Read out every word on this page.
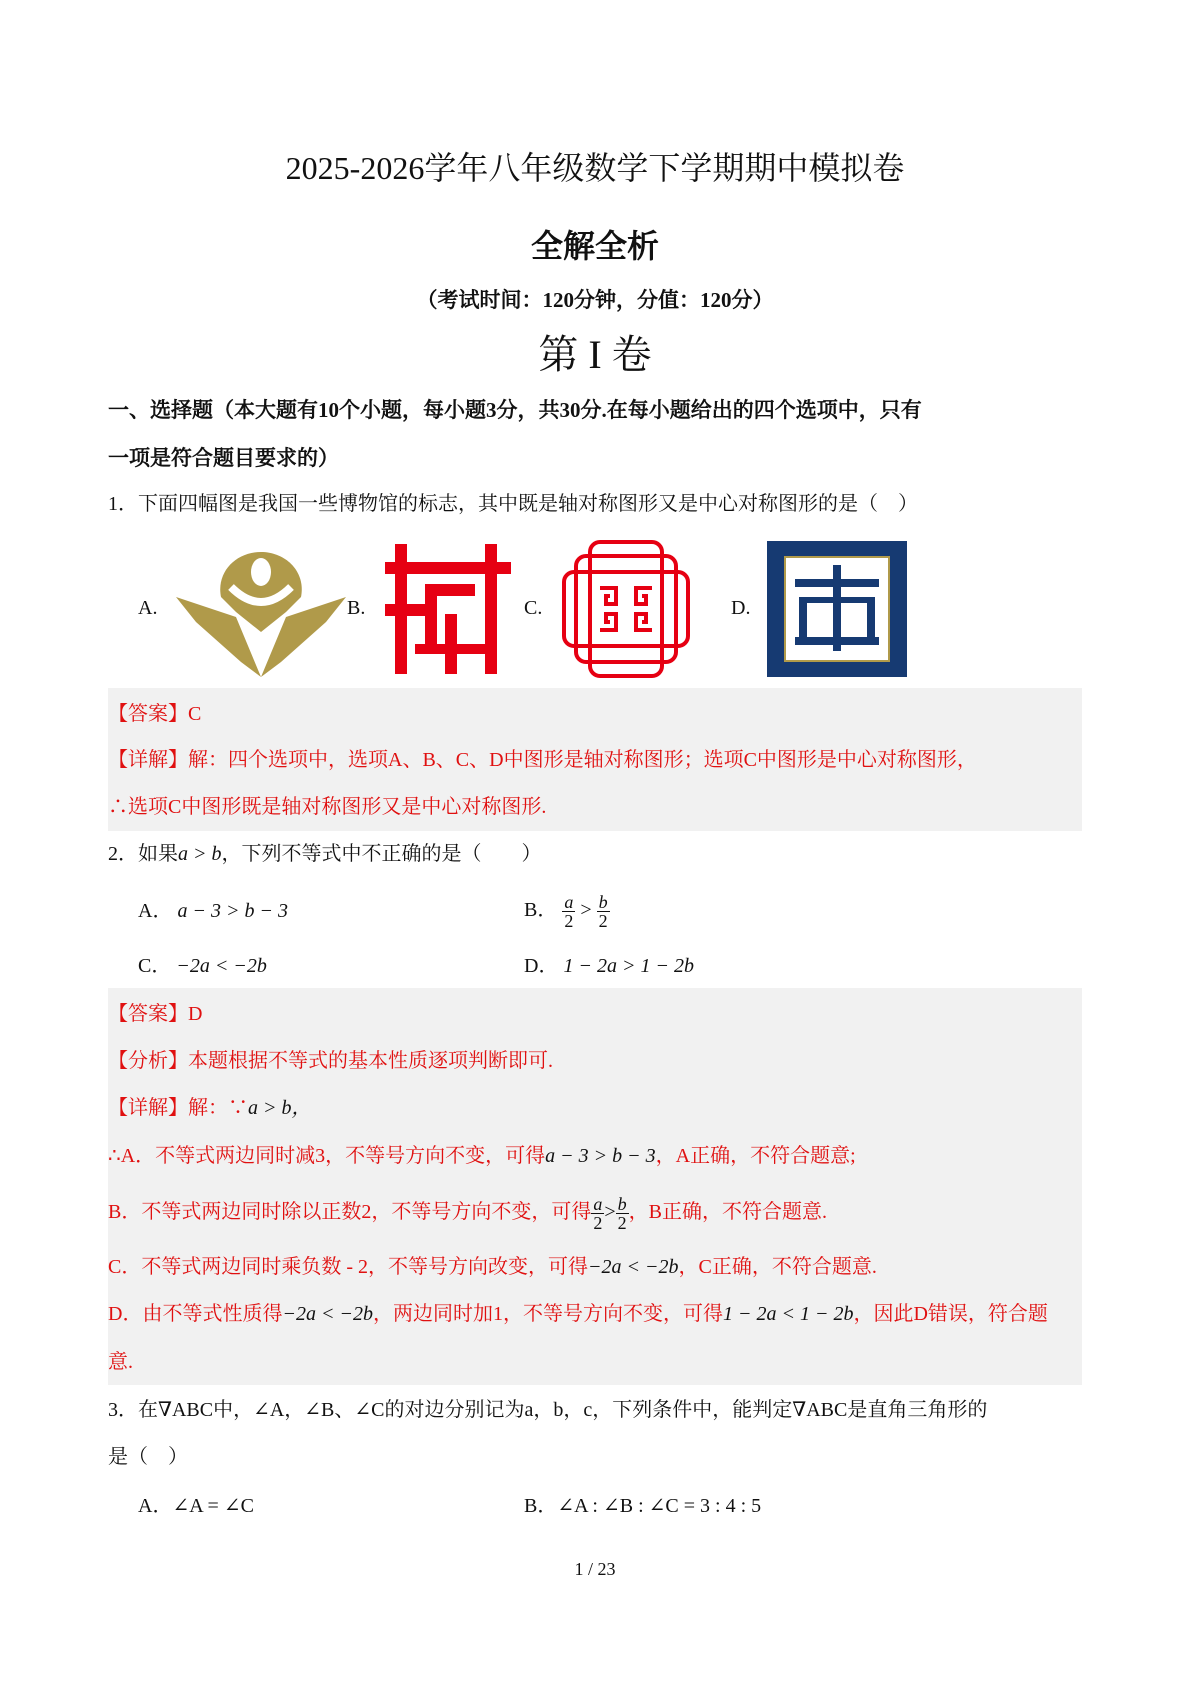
2025-2026学年八年级数学下学期期中模拟卷
全解全析
（考试时间：120分钟，分值：120分）
第 I 卷
一、选择题（本大题有10个小题，每小题3分，共30分.在每小题给出的四个选项中，只有
一项是符合题目要求的）
1．下面四幅图是我国一些博物馆的标志，其中既是轴对称图形又是中心对称图形的是（　）
A.	B.	C.	D.
【答案】C
【详解】解：四个选项中，选项A、B、C、D中图形是轴对称图形；选项C中图形是中心对称图形，
∴选项C中图形既是轴对称图形又是中心对称图形.
2．如果a > b，下列不等式中不正确的是（　　）
A． a − 3 > b − 3	B． $\frac{a}{2} > \frac{b}{2}$
C． −2a < −2b	D． 1 − 2a > 1 − 2b
【答案】D
【分析】本题根据不等式的基本性质逐项判断即可.
【详解】解：∵a > b，
∴A．不等式两边同时减3，不等号方向不变，可得a − 3 > b − 3，A正确，不符合题意;
B．不等式两边同时除以正数2，不等号方向不变，可得 $\frac{a}{2} > \frac{b}{2}$ ，B正确，不符合题意.
C．不等式两边同时乘负数 - 2，不等号方向改变，可得−2a < −2b，C正确，不符合题意.
D．由不等式性质得−2a < −2b，两边同时加1，不等号方向不变，可得1 − 2a < 1 − 2b，因此D错误，符合题
意.
3．在∇ABC中，∠A，∠B、∠C的对边分别记为a，b，c，下列条件中，能判定∇ABC是直角三角形的
是（　）
A．∠A = ∠C	B．∠A : ∠B : ∠C = 3 : 4 : 5
1 / 23
